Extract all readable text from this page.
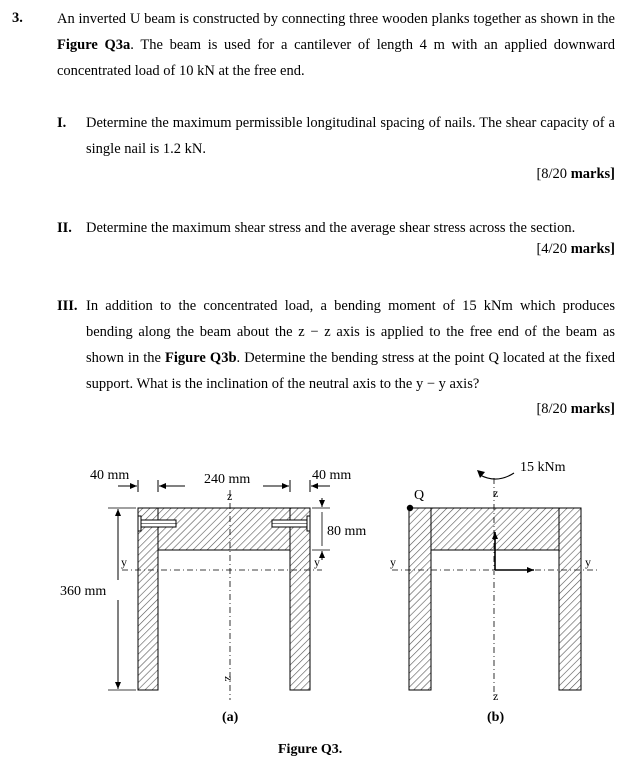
3. An inverted U beam is constructed by connecting three wooden planks together as shown in the Figure Q3a. The beam is used for a cantilever of length 4 m with an applied downward concentrated load of 10 kN at the free end.
I. Determine the maximum permissible longitudinal spacing of nails. The shear capacity of a single nail is 1.2 kN.
[8/20 marks]
II. Determine the maximum shear stress and the average shear stress across the section.
[4/20 marks]
III. In addition to the concentrated load, a bending moment of 15 kNm which produces bending along the beam about the z − z axis is applied to the free end of the beam as shown in the Figure Q3b. Determine the bending stress at the point Q located at the fixed support. What is the inclination of the neutral axis to the y − y axis?
[8/20 marks]
y	y
z
z
40 mm	240 mm	40 mm
80 mm
360 mm
(a)
Q
y	y
z
z
15 kNm
(b)
Figure Q3.
